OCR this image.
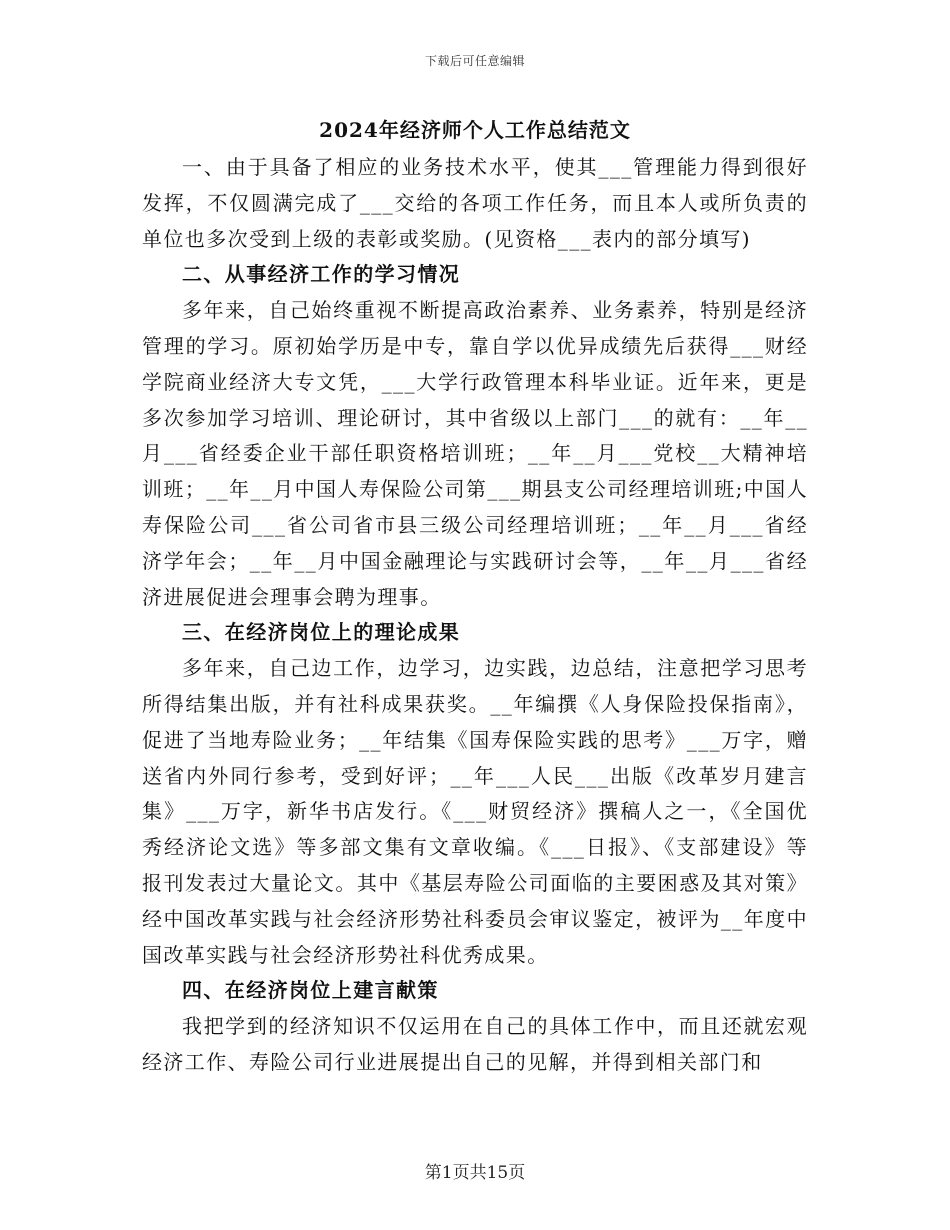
下载后可任意编辑
2024年经济师个人工作总结范文

一、由于具备了相应的业务技术水平，使其___管理能力得到很好发挥，不仅圆满完成了___交给的各项工作任务，而且本人或所负责的单位也多次受到上级的表彰或奖励。(见资格___表内的部分填写)

二、从事经济工作的学习情况

多年来，自己始终重视不断提高政治素养、业务素养，特别是经济管理的学习。原初始学历是中专，靠自学以优异成绩先后获得___财经学院商业经济大专文凭，___大学行政管理本科毕业证。近年来，更是多次参加学习培训、理论研讨，其中省级以上部门___的就有：__年__月___省经委企业干部任职资格培训班；__年__月___党校__大精神培训班；__年__月中国人寿保险公司第___期县支公司经理培训班;中国人寿保险公司___省公司省市县三级公司经理培训班；__年__月___省经济学年会；__年__月中国金融理论与实践研讨会等，__年__月___省经济进展促进会理事会聘为理事。

三、在经济岗位上的理论成果

多年来，自己边工作，边学习，边实践，边总结，注意把学习思考所得结集出版，并有社科成果获奖。__年编撰《人身保险投保指南》，促进了当地寿险业务；__年结集《国寿保险实践的思考》___万字，赠送省内外同行参考，受到好评；__年___人民___出版《改革岁月建言集》___万字，新华书店发行。《___财贸经济》撰稿人之一，《全国优秀经济论文选》等多部文集有文章收编。《___日报》、《支部建设》等报刊发表过大量论文。其中《基层寿险公司面临的主要困惑及其对策》经中国改革实践与社会经济形势社科委员会审议鉴定，被评为__年度中国改革实践与社会经济形势社科优秀成果。

四、在经济岗位上建言献策

我把学到的经济知识不仅运用在自己的具体工作中，而且还就宏观经济工作、寿险公司行业进展提出自己的见解，并得到相关部门和

第1页共15页
